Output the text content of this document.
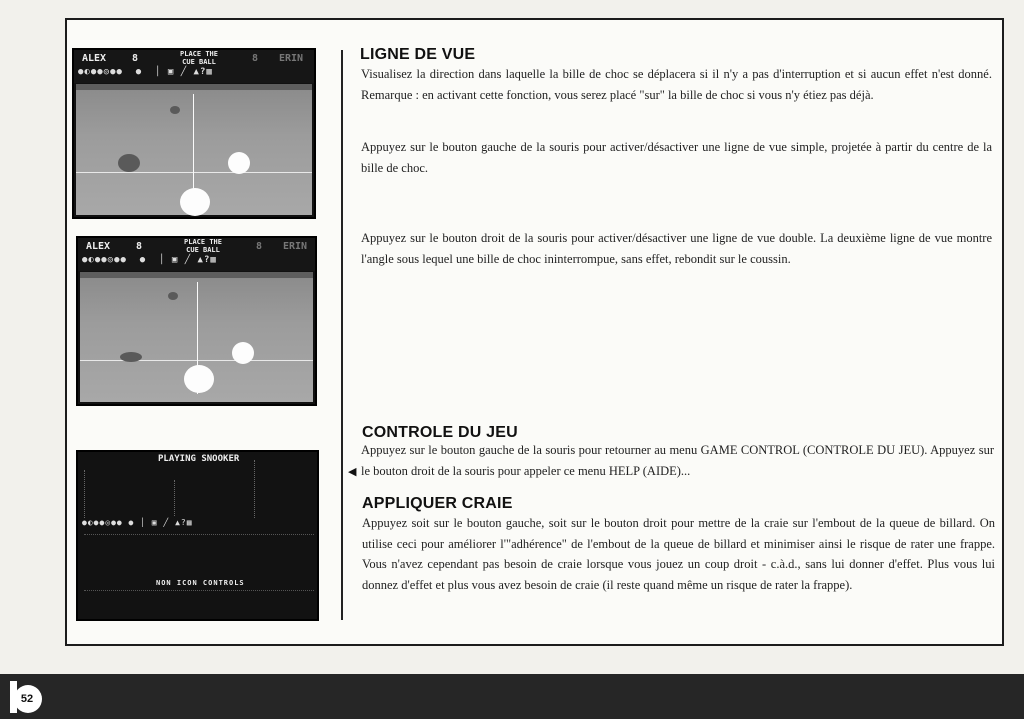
ALEX	8	PLACE THE
CUE BALL	8 ERIN
●◐●●◎●●  ●  │ ▣ ╱ ▲?▦
ALEX	8	PLACE THE
CUE BALL	8 ERIN
●◐●●◎●●  ●  │ ▣ ╱ ▲?▦
PLAYING SNOOKER
●◐●●◎●● ● │ ▣ ╱ ▲?▦
NON ICON CONTROLS
LIGNE DE VUE
Visualisez la direction dans laquelle la bille de choc se déplacera si il n'y a pas d'interruption et si aucun effet n'est donné. Remarque : en activant cette fonction, vous serez placé "sur" la bille de choc si vous n'y étiez pas déjà.
Appuyez sur le bouton gauche de la souris pour activer/désactiver une ligne de vue simple, projetée à partir du centre de la bille de choc.
Appuyez sur le bouton droit de la souris pour activer/désactiver une ligne de vue double. La deuxième ligne de vue montre l'angle sous lequel une bille de choc ininterrompue, sans effet, rebondit sur le coussin.
CONTROLE DU JEU
◀
Appuyez sur le bouton gauche de la souris pour retourner au menu GAME CONTROL (CONTROLE DU JEU). Appuyez sur le bouton droit de la souris pour appeler ce menu HELP (AIDE)...
APPLIQUER CRAIE
Appuyez soit sur le bouton gauche, soit sur le bouton droit pour mettre de la craie sur l'embout de la queue de billard. On utilise ceci pour améliorer l'"adhérence" de l'embout de la queue de billard et minimiser ainsi le risque de rater une frappe. Vous n'avez cependant pas besoin de craie lorsque vous jouez un coup droit - c.à.d., sans lui donner d'effet. Plus vous lui donnez d'effet et plus vous avez besoin de craie (il reste quand même un risque de rater la frappe).
52
